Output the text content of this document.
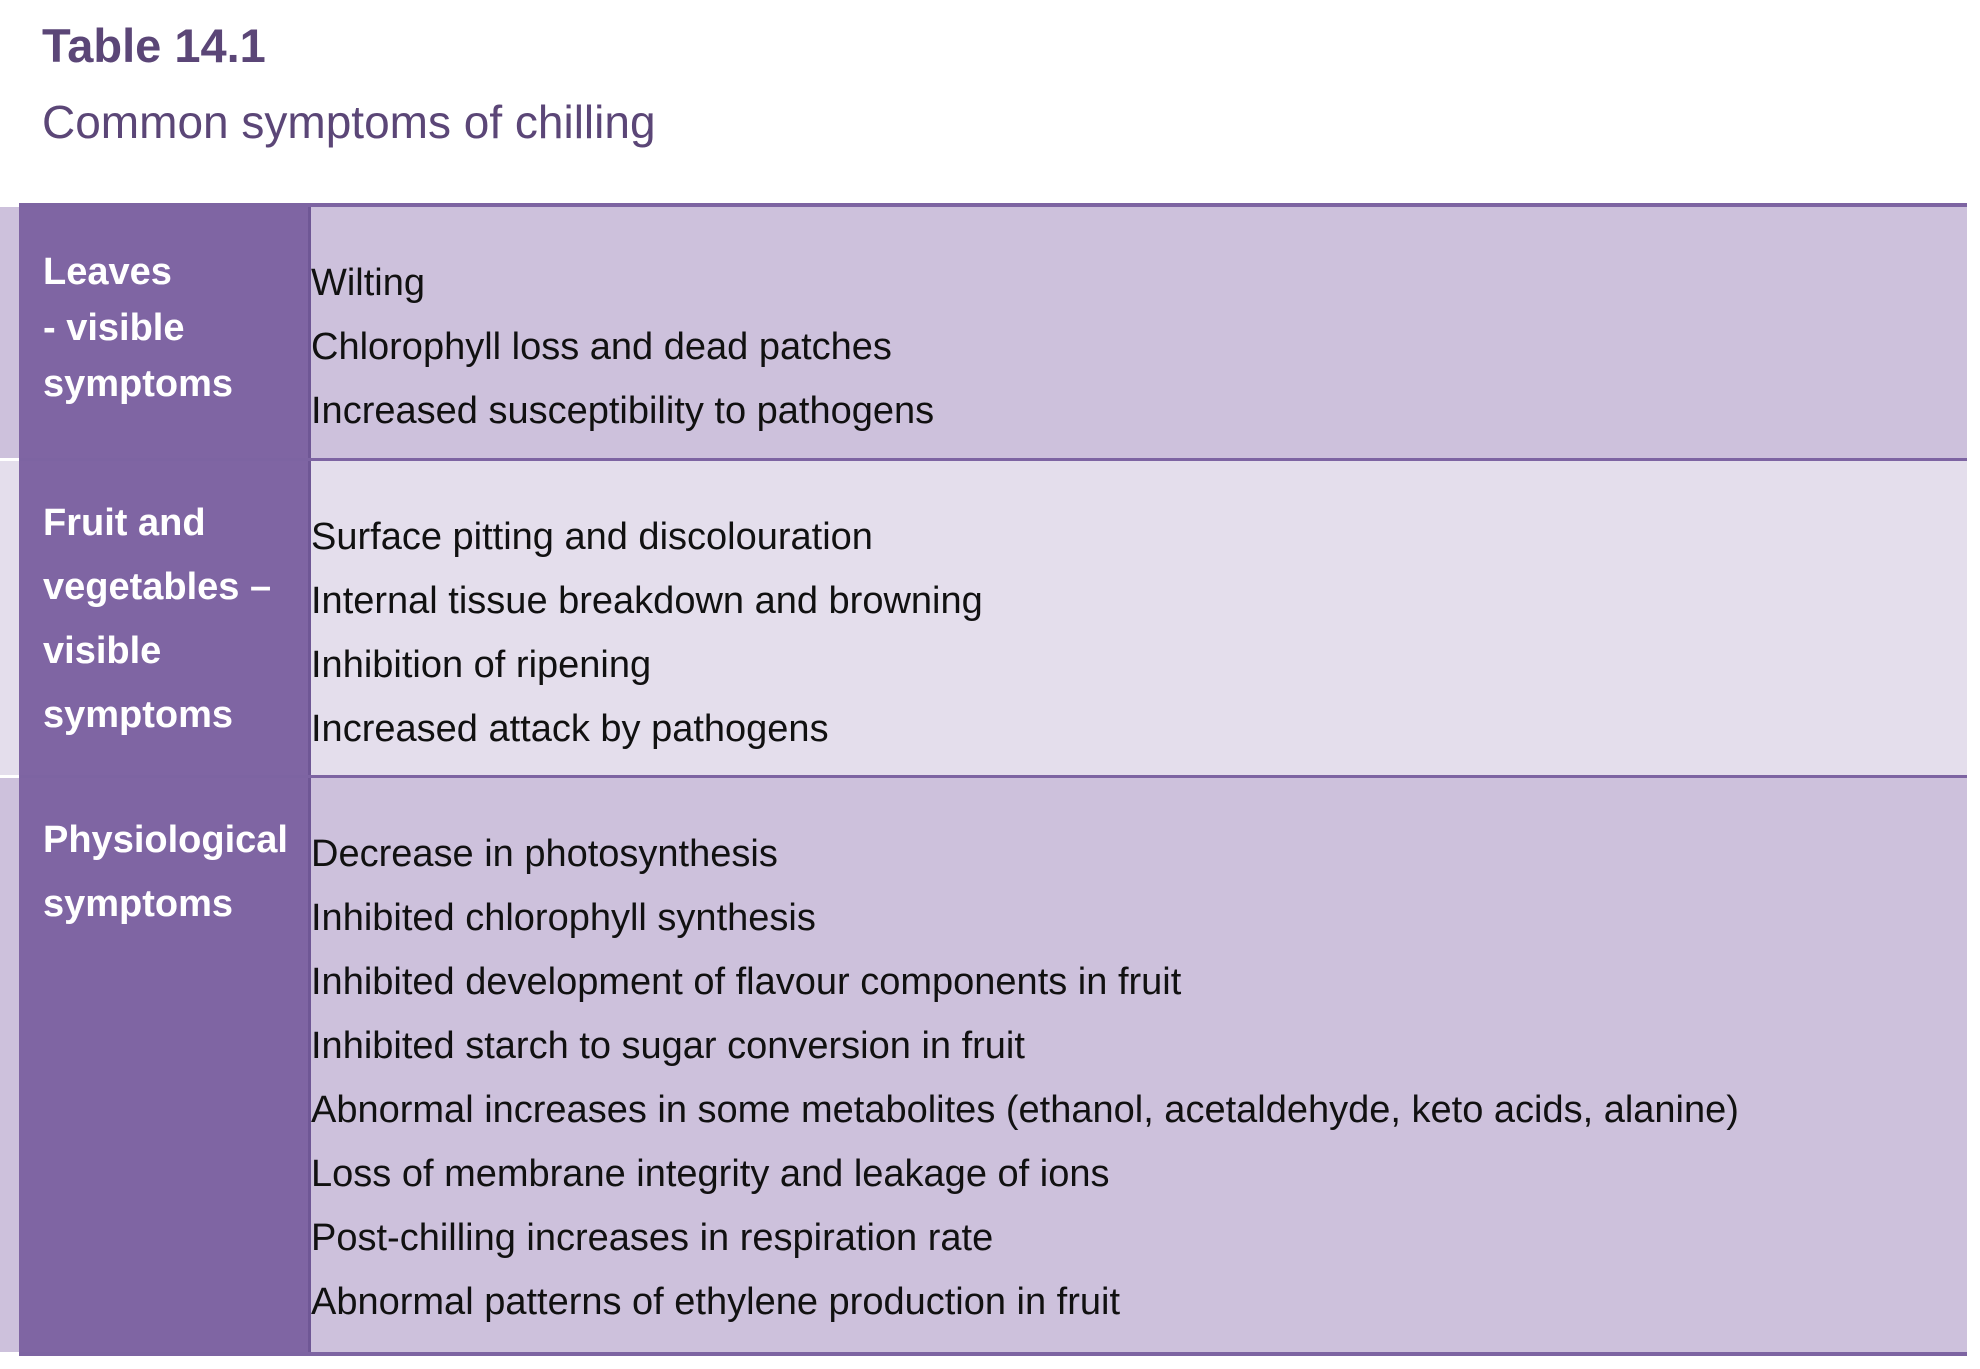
Table 14.1
Common symptoms of chilling
Leaves
- visible
symptoms
Wilting
Chlorophyll loss and dead patches
Increased susceptibility to pathogens
Fruit and
vegetables –
visible
symptoms
Surface pitting and discolouration
Internal tissue breakdown and browning
Inhibition of ripening
Increased attack by pathogens
Physiological
symptoms
Decrease in photosynthesis
Inhibited chlorophyll synthesis
Inhibited development of flavour components in fruit
Inhibited starch to sugar conversion in fruit
Abnormal increases in some metabolites (ethanol, acetaldehyde, keto acids, alanine)
Loss of membrane integrity and leakage of ions
Post-chilling increases in respiration rate
Abnormal patterns of ethylene production in fruit
